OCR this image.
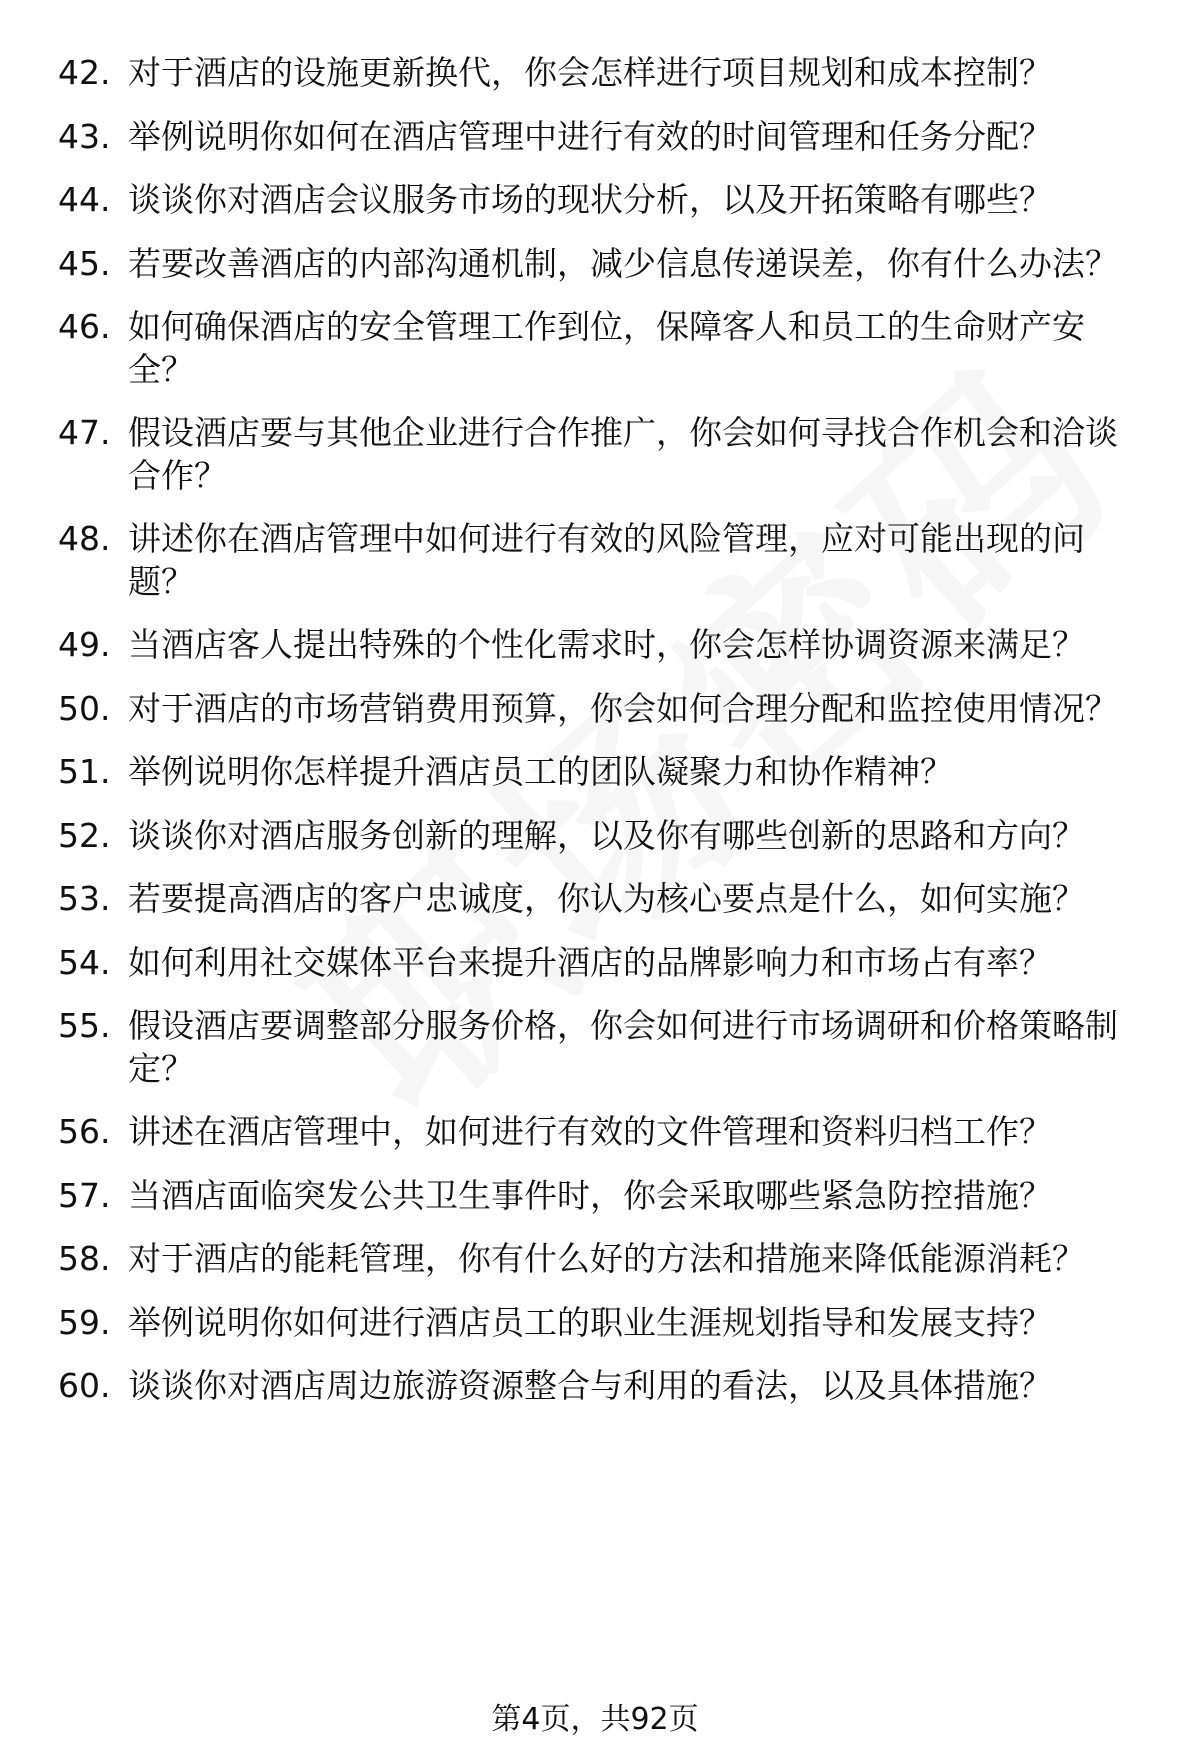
42. 对于酒店的设施更新换代，你会怎样进行项目规划和成本控制？
43. 举例说明你如何在酒店管理中进行有效的时间管理和任务分配？
44. 谈谈你对酒店会议服务市场的现状分析，以及开拓策略有哪些？
45. 若要改善酒店的内部沟通机制，减少信息传递误差，你有什么办法？
46. 如何确保酒店的安全管理工作到位，保障客人和员工的生命财产安全？
47. 假设酒店要与其他企业进行合作推广，你会如何寻找合作机会和洽谈合作？
48. 讲述你在酒店管理中如何进行有效的风险管理，应对可能出现的问题？
49. 当酒店客人提出特殊的个性化需求时，你会怎样协调资源来满足？
50. 对于酒店的市场营销费用预算，你会如何合理分配和监控使用情况？
51. 举例说明你怎样提升酒店员工的团队凝聚力和协作精神？
52. 谈谈你对酒店服务创新的理解，以及你有哪些创新的思路和方向？
53. 若要提高酒店的客户忠诚度，你认为核心要点是什么，如何实施？
54. 如何利用社交媒体平台来提升酒店的品牌影响力和市场占有率？
55. 假设酒店要调整部分服务价格，你会如何进行市场调研和价格策略制定？
56. 讲述在酒店管理中，如何进行有效的文件管理和资料归档工作？
57. 当酒店面临突发公共卫生事件时，你会采取哪些紧急防控措施？
58. 对于酒店的能耗管理，你有什么好的方法和措施来降低能源消耗？
59. 举例说明你如何进行酒店员工的职业生涯规划指导和发展支持？
60. 谈谈你对酒店周边旅游资源整合与利用的看法，以及具体措施？
第4页，共92页
